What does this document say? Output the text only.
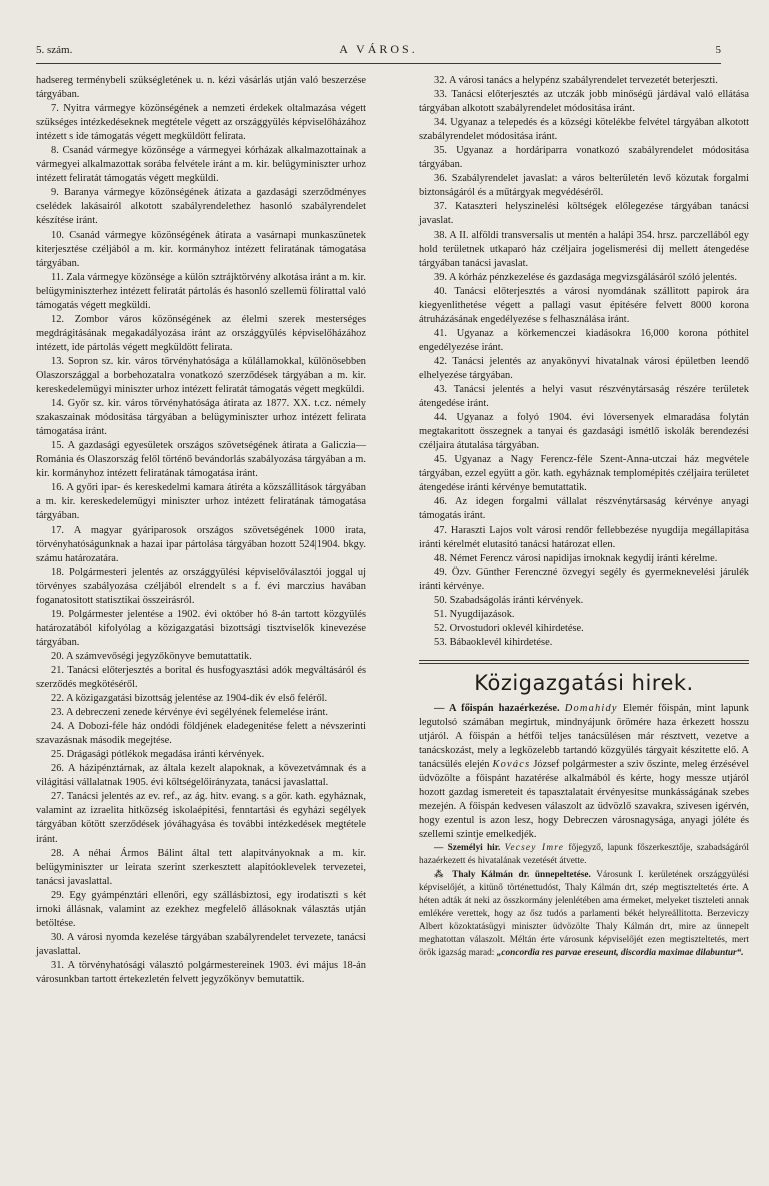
5. szám.	A VÁROS.	5

hadsereg terménybeli szükségletének u. n. kézi vásárlás utján való beszerzése tárgyában.

7. Nyitra vármegye közönségének a nemzeti érdekek oltalmazása végett szükséges intézkedéseknek megtétele végett az országgyülés képviselőházához intézett s ide támogatás végett megküldött felirata.

8. Csanád vármegye közönsége a vármegyei kórházak alkalmazottainak a vármegyei alkalmazottak sorába felvétele iránt a m. kir. belügyminiszter urhoz intézett feliratát támogatás végett megküldi.

9. Baranya vármegye közönségének átizata a gazdasági szerződményes cselédek lakásairól alkotott szabályrendelethez hasonló szabályrendelet készítése iránt.

10. Csanád vármegye közönségének átirata a vasárnapi munkaszünetek kiterjesztése czéljából a m. kir. kormányhoz intézett feliratának támogatása tárgyában.

11. Zala vármegye közönsége a külön sztrájktörvény alkotása iránt a m. kir. belügyminiszterhez intézett feliratát pártolás és hasonló szellemü fölirattal való támogatás végett megküldi.

12. Zombor város közönségének az élelmi szerek mesterséges megdrágitásának megakadályozása iránt az országgyülés képviselőházához intézett, ide pártolás végett megküldött felirata.

13. Sopron sz. kir. város törvényhatósága a külállamokkal, különösebben Olaszországgal a borbehozatalra vonatkozó szerződések tárgyában a m. kir. kereskedelemügyi miniszter urhoz intézett feliratát támogatás végett megküldi.

14. Győr sz. kir. város törvényhatósága átirata az 1877. XX. t.cz. némely szakaszainak módositása tárgyában a belügyminiszter urhoz intézett felirata támogatása iránt.

15. A gazdasági egyesületek országos szövetségének átirata a Galiczia—Románia és Olaszország felől történő bevándorlás szabályozása tárgyában a m. kir. kormányhoz intézett feliratának támogatása iránt.

16. A győri ipar- és kereskedelmi kamara átiréta a közszállitások tárgyában a m. kir. kereskedelemügyi miniszter urhoz intézett feliratának támogatása tárgyában.

17. A magyar gyáriparosok országos szövetségének 1000 irata, törvényhatóságunknak a hazai ipar pártolása tárgyában hozott 524|1904. bkgy. számu határozatára.

18. Polgármesteri jelentés az országgyülési képviselőválasztói joggal uj törvényes szabályozása czéljából elrendelt s a f. évi marczius havában foganatositott statisztikai összeirásról.

19. Polgármester jelentése a 1902. évi október hó 8-án tartott közgyülés határozatából kifolyólag a közigazgatási bizottsági tisztviselők kinevezése tárgyában.

20. A számvevőségi jegyzőkönyve bemutattatik.

21. Tanácsi előterjesztés a borital és husfogyasztási adók megváltásáról és szerződés megkötéséről.

22. A közigazgatási bizottság jelentése az 1904-dik év első feléről.

23. A debreczeni zenede kérvénye évi segélyének felemelése iránt.

24. A Dobozi-féle ház ondódi földjének eladegenitése felett a névszerinti szavazásnak második megejtése.

25. Drágasági pótlékok megadása iránti kérvények.

26. A házipénztárnak, az általa kezelt alapoknak, a kövezetvámnak és a világitási vállalatnak 1905. évi költségelőirányzata, tanácsi javaslattal.

27. Tanácsi jelentés az ev. ref., az ág. hitv. evang. s a gör. kath. egyháznak, valamint az izraelita hitközség iskolaépitési, fenntartási és egyházi segélyek tárgyában kötött szerződések jóváhagyása és további intézkedések megtétele iránt.

28. A néhai Ármos Bálint által tett alapitványoknak a m. kir. belügyminiszter ur leirata szerint szerkesztett alapitóoklevelek tervezetei, tanácsi javaslattal.

29. Egy gyámpénztári ellenőri, egy szállásbiztosi, egy irodatiszti s két irnoki állásnak, valamint az ezekhez megfelelő állásoknak választás utján betöltése.

30. A városi nyomda kezelése tárgyában szabályrendelet tervezete, tanácsi javaslattal.

31. A törvényhatósági választó polgármestereinek 1903. évi május 18-án városunkban tartott értekezletén felvett jegyzőkönyv bemutattik.

32. A városi tanács a helypénz szabályrendelet tervezetét beterjeszti.

33. Tanácsi előterjesztés az utczák jobb minőségü járdával való ellátása tárgyában alkotott szabályrendelet módositása iránt.

34. Ugyanaz a telepedés és a községi kötelékbe felvétel tárgyában alkotott szabályrendelet módositása iránt.

35. Ugyanaz a hordáriparra vonatkozó szabályrendelet módositása tárgyában.

36. Szabályrendelet javaslat: a város belterületén levő közutak forgalmi biztonságáról és a műtárgyak megvédéséről.

37. Kataszteri helyszinelési költségek előlegezése tárgyában tanácsi javaslat.

38. A II. alföldi transversalis ut mentén a halápi 354. hrsz. parczellából egy hold területnek utkaparó ház czéljaira jogelismerési dij mellett átengedése tárgyában tanácsi javaslat.

39. A kórház pénzkezelése és gazdasága megvizsgálásáról szóló jelentés.

40. Tanácsi előterjesztés a városi nyomdának szállitott papirok ára kiegyenlithetése végett a pallagi vasut épitésére felvett 8000 korona átruházásának engedélyezése s felhasználása iránt.

41. Ugyanaz a körkemenczei kiadásokra 16,000 korona póthitel engedélyezése iránt.

42. Tanácsi jelentés az anyakönyvi hivatalnak városi épületben leendő elhelyezése tárgyában.

43. Tanácsi jelentés a helyi vasut részvénytársaság részére területek átengedése iránt.

44. Ugyanaz a folyó 1904. évi lóversenyek elmaradása folytán megtakaritott összegnek a tanyai és gazdasági ismétlő iskolák berendezési czéljaira átutalása tárgyában.

45. Ugyanaz a Nagy Ferencz-féle Szent-Anna-utczai ház megvétele tárgyában, ezzel együtt a gör. kath. egyháznak templomépités czéljaira területet átengedése iránti kérvénye bemutattatik.

46. Az idegen forgalmi vállalat részvénytársaság kérvénye anyagi támogatás iránt.

47. Haraszti Lajos volt városi rendőr fellebbezése nyugdija megállapitása iránti kérelmét elutasitó tanácsi határozat ellen.

48. Német Ferencz városi napidijas irnoknak kegydij iránti kérelme.

49. Özv. Günther Ferenczné özvegyi segély és gyermeknevelési járulék iránti kérvénye.

50. Szabadságolás iránti kérvények.

51. Nyugdijazások.

52. Orvostudori oklevél kihirdetése.

53. Bábaoklevél kihirdetése.

Közigazgatási hirek.

— A főispán hazaérkezése. Domahidy Elemér főispán, mint lapunk legutolsó számában megirtuk, mindnyájunk örömére haza érkezett hosszu utjáról. A főispán a hétfői teljes tanácsülésen már résztvett, vezetve a tanácskozást, mely a legközelebb tartandó közgyülés tárgyait készitette elő. A tanácsülés elején Kovács József polgármester a sziv őszinte, meleg érzésével üdvözölte a főispánt hazatérése alkalmából és kérte, hogy messze utjáról hozott gazdag ismereteit és tapasztalatait érvényesitse munkásságának szebes mezején. A főispán kedvesen válaszolt az üdvözlő szavakra, szivesen igérvén, hogy ezentul is azon lesz, hogy Debreczen városnagysága, anyagi jóléte és szellemi szintje emelkedjék.

— Személyi hir. Vecsey Imre főjegyző, lapunk főszerkesztője, szabadságáról hazaérkezett és hivatalának vezetését átvette.

⁂ Thaly Kálmán dr. ünnepeltetése. Városunk I. kerületének országgyülési képviselőjét, a kitünő történettudóst, Thaly Kálmán drt, szép megtiszteltetés érte. A héten adták át neki az összkormány jelenlétében ama érmeket, melyeket tiszteleti annak emlékére verettek, hogy az ősz tudós a parlamenti békét helyreállitotta. Berzeviczy Albert közoktatásügyi miniszter üdvözölte Thaly Kálmán drt, mire az ünnepelt meghatottan válaszolt. Méltán érte városunk képviselőjét ezen megtiszteltetés, mert örök igazság marad: „concordia res parvae ereseunt, discordia maximae dilabuntur“.
